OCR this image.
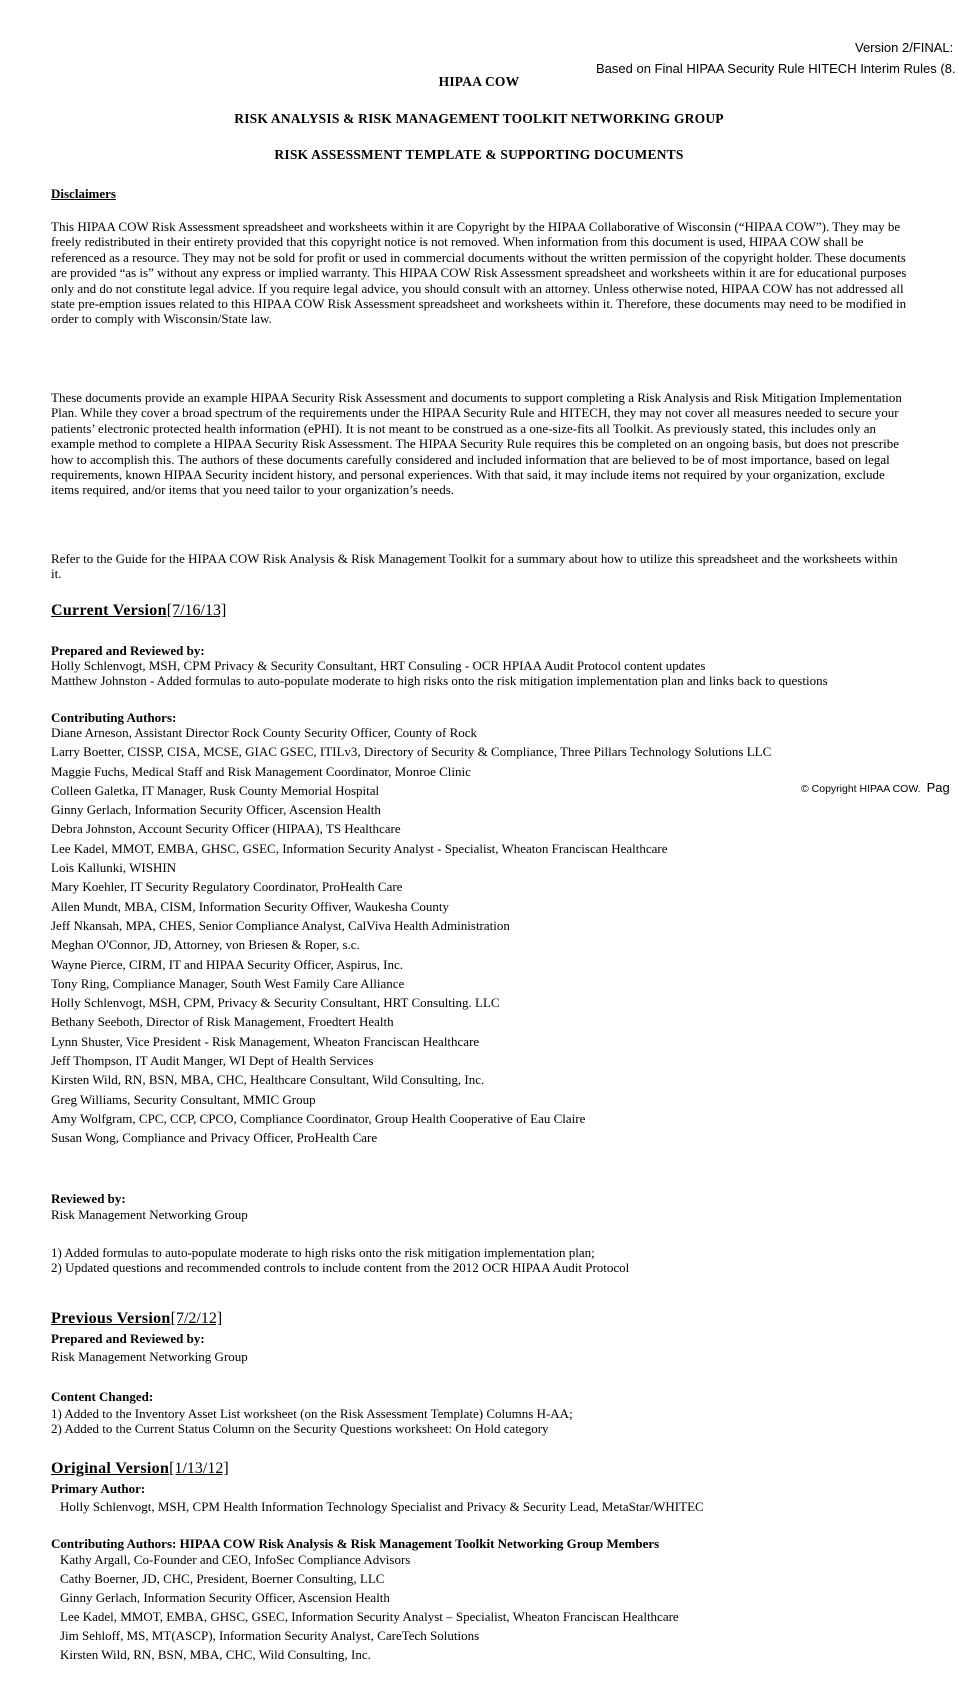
Version 2/FINAL:
Based on Final HIPAA Security Rule HITECH Interim Rules (8.
HIPAA COW
RISK ANALYSIS & RISK MANAGEMENT TOOLKIT NETWORKING GROUP
RISK ASSESSMENT TEMPLATE & SUPPORTING DOCUMENTS
Disclaimers
This HIPAA COW Risk Assessment spreadsheet and worksheets within it are Copyright by the HIPAA Collaborative of Wisconsin (“HIPAA COW”). They may be freely redistributed in their entirety provided that this copyright notice is not removed. When information from this document is used, HIPAA COW shall be referenced as a resource. They may not be sold for profit or used in commercial documents without the written permission of the copyright holder. These documents are provided “as is” without any express or implied warranty. This HIPAA COW Risk Assessment spreadsheet and worksheets within it are for educational purposes only and do not constitute legal advice. If you require legal advice, you should consult with an attorney. Unless otherwise noted, HIPAA COW has not addressed all state pre-emption issues related to this HIPAA COW Risk Assessment spreadsheet and worksheets within it. Therefore, these documents may need to be modified in order to comply with Wisconsin/State law.
These documents provide an example HIPAA Security Risk Assessment and documents to support completing a Risk Analysis and Risk Mitigation Implementation Plan. While they cover a broad spectrum of the requirements under the HIPAA Security Rule and HITECH, they may not cover all measures needed to secure your patients’ electronic protected health information (ePHI). It is not meant to be construed as a one-size-fits all Toolkit. As previously stated, this includes only an example method to complete a HIPAA Security Risk Assessment. The HIPAA Security Rule requires this be completed on an ongoing basis, but does not prescribe how to accomplish this. The authors of these documents carefully considered and included information that are believed to be of most importance, based on legal requirements, known HIPAA Security incident history, and personal experiences. With that said, it may include items not required by your organization, exclude items required, and/or items that you need tailor to your organization’s needs.
Refer to the Guide for the HIPAA COW Risk Analysis & Risk Management Toolkit for a summary about how to utilize this spreadsheet and the worksheets within it.
Current Version[7/16/13]
Prepared and Reviewed by:
Holly Schlenvogt, MSH, CPM Privacy & Security Consultant, HRT Consuling - OCR HPIAA Audit Protocol content updates
Matthew Johnston - Added formulas to auto-populate moderate to high risks onto the risk mitigation implementation plan and links back to questions
Contributing Authors:
Diane Arneson, Assistant Director Rock County Security Officer, County of Rock
Larry Boetter, CISSP, CISA, MCSE, GIAC GSEC, ITILv3, Directory of Security & Compliance, Three Pillars Technology Solutions LLC
Maggie Fuchs, Medical Staff and Risk Management Coordinator, Monroe Clinic
Colleen Galetka, IT Manager, Rusk County Memorial Hospital
Ginny Gerlach, Information Security Officer, Ascension Health
Debra Johnston, Account Security Officer (HIPAA), TS Healthcare
Lee Kadel, MMOT, EMBA, GHSC, GSEC, Information Security Analyst - Specialist, Wheaton Franciscan Healthcare
Lois Kallunki, WISHIN
Mary Koehler, IT Security Regulatory Coordinator, ProHealth Care
Allen Mundt, MBA, CISM, Information Security Offiver, Waukesha County
Jeff Nkansah, MPA, CHES, Senior Compliance Analyst, CalViva Health Administration
Meghan O'Connor, JD, Attorney, von Briesen & Roper, s.c.
Wayne Pierce, CIRM, IT and HIPAA Security Officer, Aspirus, Inc.
Tony Ring, Compliance Manager, South West Family Care Alliance
Holly Schlenvogt, MSH, CPM, Privacy & Security Consultant, HRT Consulting. LLC
Bethany Seeboth, Director of Risk Management, Froedtert Health
Lynn Shuster, Vice President - Risk Management, Wheaton Franciscan Healthcare
Jeff Thompson, IT Audit Manger, WI Dept of Health Services
Kirsten Wild, RN, BSN, MBA, CHC, Healthcare Consultant, Wild Consulting, Inc.
Greg Williams, Security Consultant, MMIC Group
Amy Wolfgram, CPC, CCP, CPCO, Compliance Coordinator, Group Health Cooperative of Eau Claire
Susan Wong, Compliance and Privacy Officer, ProHealth Care
Reviewed by:
Risk Management Networking Group
1) Added formulas to auto-populate moderate to high risks onto the risk mitigation implementation plan;
2) Updated questions and recommended controls to include content from the 2012 OCR HIPAA Audit Protocol
Previous Version[7/2/12]
Prepared and Reviewed by:
Risk Management Networking Group
Content Changed:
1) Added to the Inventory Asset List worksheet (on the Risk Assessment Template) Columns H-AA;
2) Added to the Current Status Column on the Security Questions worksheet: On Hold category
Original Version[1/13/12]
Primary Author:
Holly Schlenvogt, MSH, CPM Health Information Technology Specialist and Privacy & Security Lead, MetaStar/WHITEC
Contributing Authors: HIPAA COW Risk Analysis & Risk Management Toolkit Networking Group Members
Kathy Argall, Co-Founder and CEO, InfoSec Compliance Advisors
Cathy Boerner, JD, CHC, President, Boerner Consulting, LLC
Ginny Gerlach, Information Security Officer, Ascension Health
Lee Kadel, MMOT, EMBA, GHSC, GSEC, Information Security Analyst – Specialist, Wheaton Franciscan Healthcare
Jim Sehloff, MS, MT(ASCP), Information Security Analyst, CareTech Solutions
Kirsten Wild, RN, BSN, MBA, CHC, Wild Consulting, Inc.
© Copyright HIPAA COW. Pag
